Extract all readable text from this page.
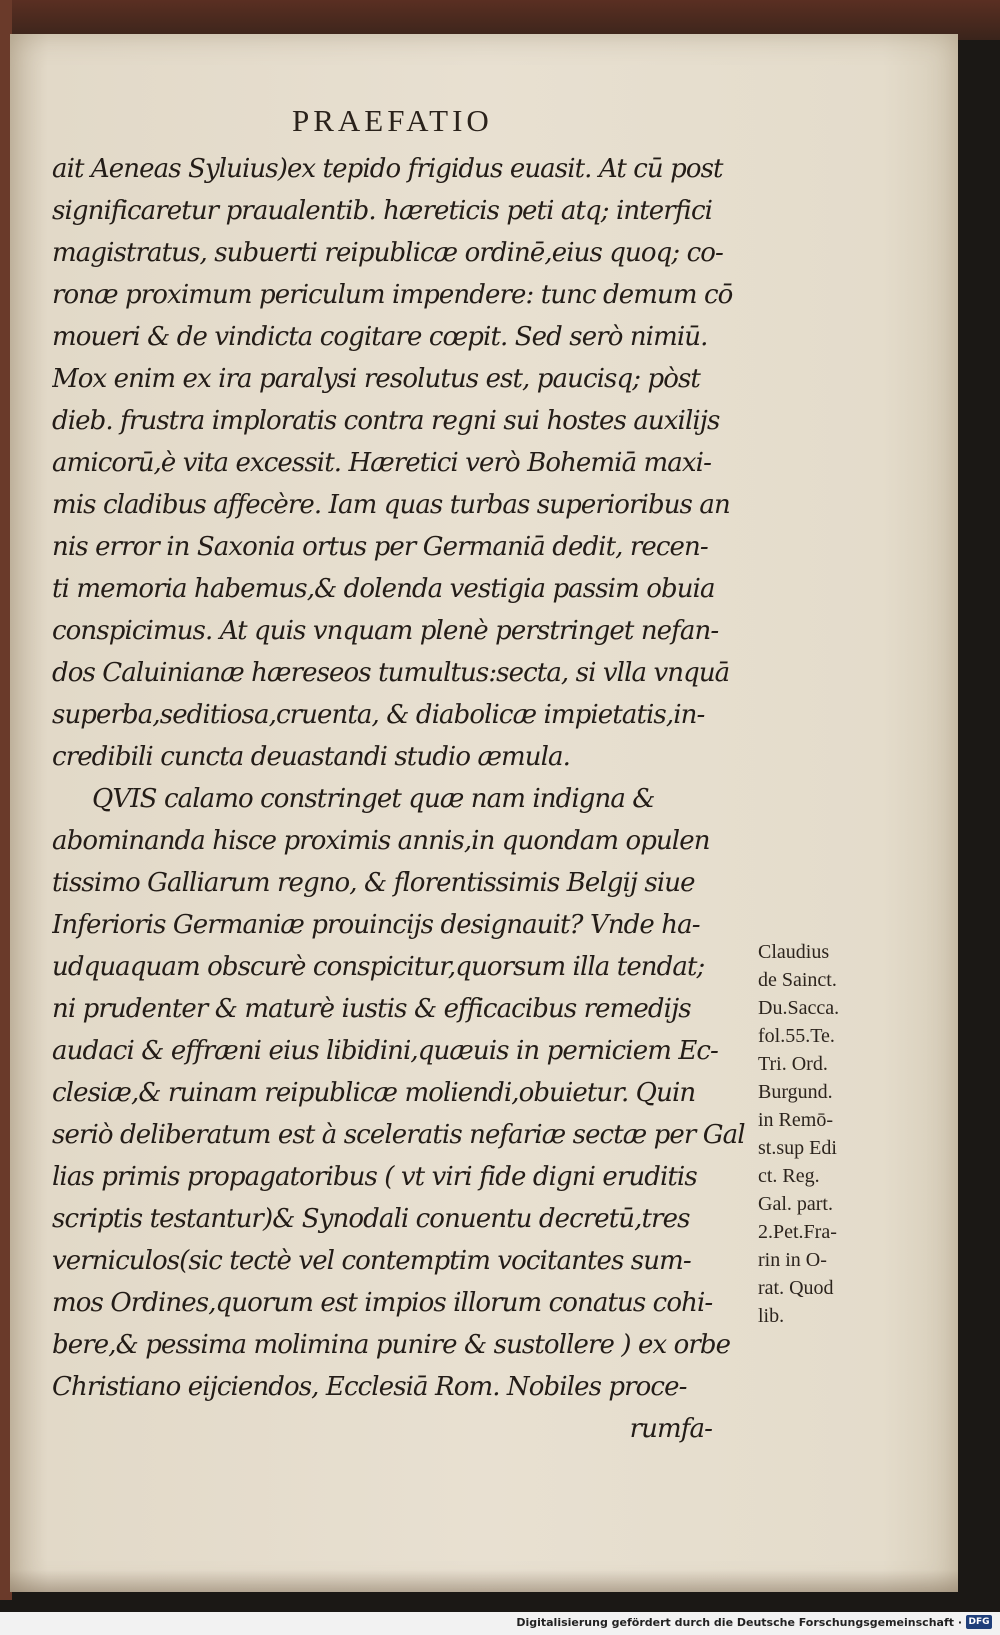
PRAEFATIO
ait Aeneas Syluius)ex tepido frigidus euasit. At cū post
significaretur praualentib. hæreticis peti atq; interfici
magistratus, subuerti reipublicæ ordinē,eius quoq; co-
ronæ proximum periculum impendere: tunc demum cō
moueri & de vindicta cogitare cœpit. Sed serò nimiū.
Mox enim ex ira paralysi resolutus est, paucisq; pòst
dieb. frustra imploratis contra regni sui hostes auxilijs
amicorū,è vita excessit. Hæretici verò Bohemiā maxi-
mis cladibus affecère. Iam quas turbas superioribus an
nis error in Saxonia ortus per Germaniā dedit, recen-
ti memoria habemus,& dolenda vestigia passim obuia
conspicimus. At quis vnquam plenè perstringet nefan-
dos Caluinianæ hæreseos tumultus:secta, si vlla vnquā
superba,seditiosa,cruenta, & diabolicæ impietatis,in-
credibili cuncta deuastandi studio æmula.
QVIS calamo constringet quæ nam indigna &
abominanda hisce proximis annis,in quondam opulen
tissimo Galliarum regno, & florentissimis Belgij siue
Inferioris Germaniæ prouincijs designauit? Vnde ha-
udquaquam obscurè conspicitur,quorsum illa tendat;
ni prudenter & maturè iustis & efficacibus remedijs
audaci & effræni eius libidini,quæuis in perniciem Ec-
clesiæ,& ruinam reipublicæ moliendi,obuietur. Quin
seriò deliberatum est à sceleratis nefariæ sectæ per Gal
lias primis propagatoribus ( vt viri fide digni eruditis
scriptis testantur)& Synodali conuentu decretū,tres
verniculos(sic tectè vel contemptim vocitantes sum-
mos Ordines,quorum est impios illorum conatus cohi-
bere,& pessima molimina punire & sustollere ) ex orbe
Christiano eijciendos, Ecclesiā Rom. Nobiles proce-
rumfa-
Claudius
de Sainct.
Du.Sacca.
fol.55.Te.
Tri. Ord.
Burgund.
in Remō-
st.sup Edi
ct. Reg.
Gal. part.
2.Pet.Fra-
rin in O-
rat. Quod
lib.
Digitalisierung gefördert durch die Deutsche Forschungsgemeinschaft · DFG
